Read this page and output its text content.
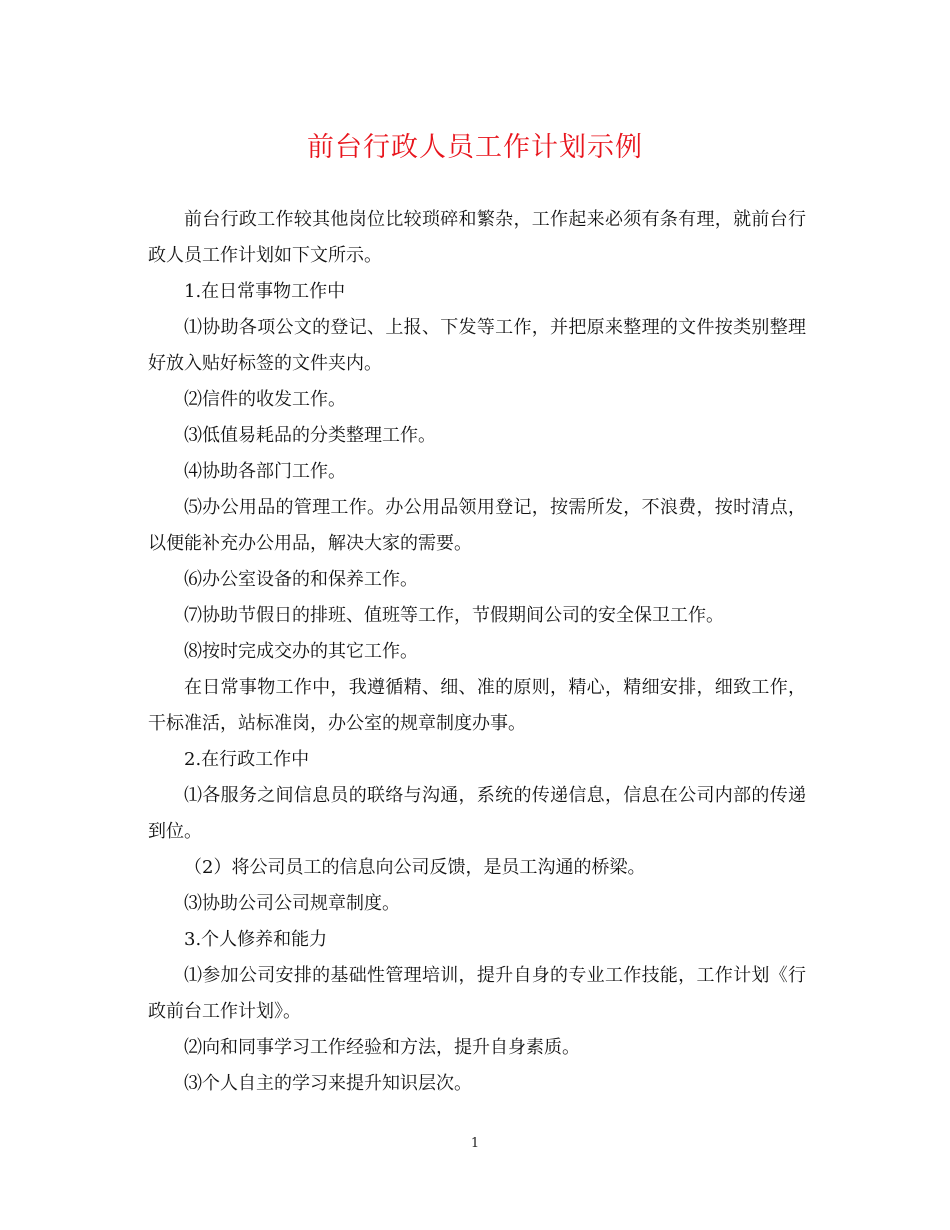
前台行政人员工作计划示例

前台行政工作较其他岗位比较琐碎和繁杂，工作起来必须有条有理，就前台行政人员工作计划如下文所示。

1.在日常事物工作中

⑴协助各项公文的登记、上报、下发等工作，并把原来整理的文件按类别整理好放入贴好标签的文件夹内。

⑵信件的收发工作。

⑶低值易耗品的分类整理工作。

⑷协助各部门工作。

⑸办公用品的管理工作。办公用品领用登记，按需所发，不浪费，按时清点，以便能补充办公用品，解决大家的需要。

⑹办公室设备的和保养工作。

⑺协助节假日的排班、值班等工作，节假期间公司的安全保卫工作。

⑻按时完成交办的其它工作。

在日常事物工作中，我遵循精、细、准的原则，精心，精细安排，细致工作，干标准活，站标准岗，办公室的规章制度办事。

2.在行政工作中

⑴各服务之间信息员的联络与沟通，系统的传递信息，信息在公司内部的传递到位。

（2）将公司员工的信息向公司反馈，是员工沟通的桥梁。

⑶协助公司公司规章制度。

3.个人修养和能力

⑴参加公司安排的基础性管理培训，提升自身的专业工作技能，工作计划《行政前台工作计划》。

⑵向和同事学习工作经验和方法，提升自身素质。

⑶个人自主的学习来提升知识层次。

1
